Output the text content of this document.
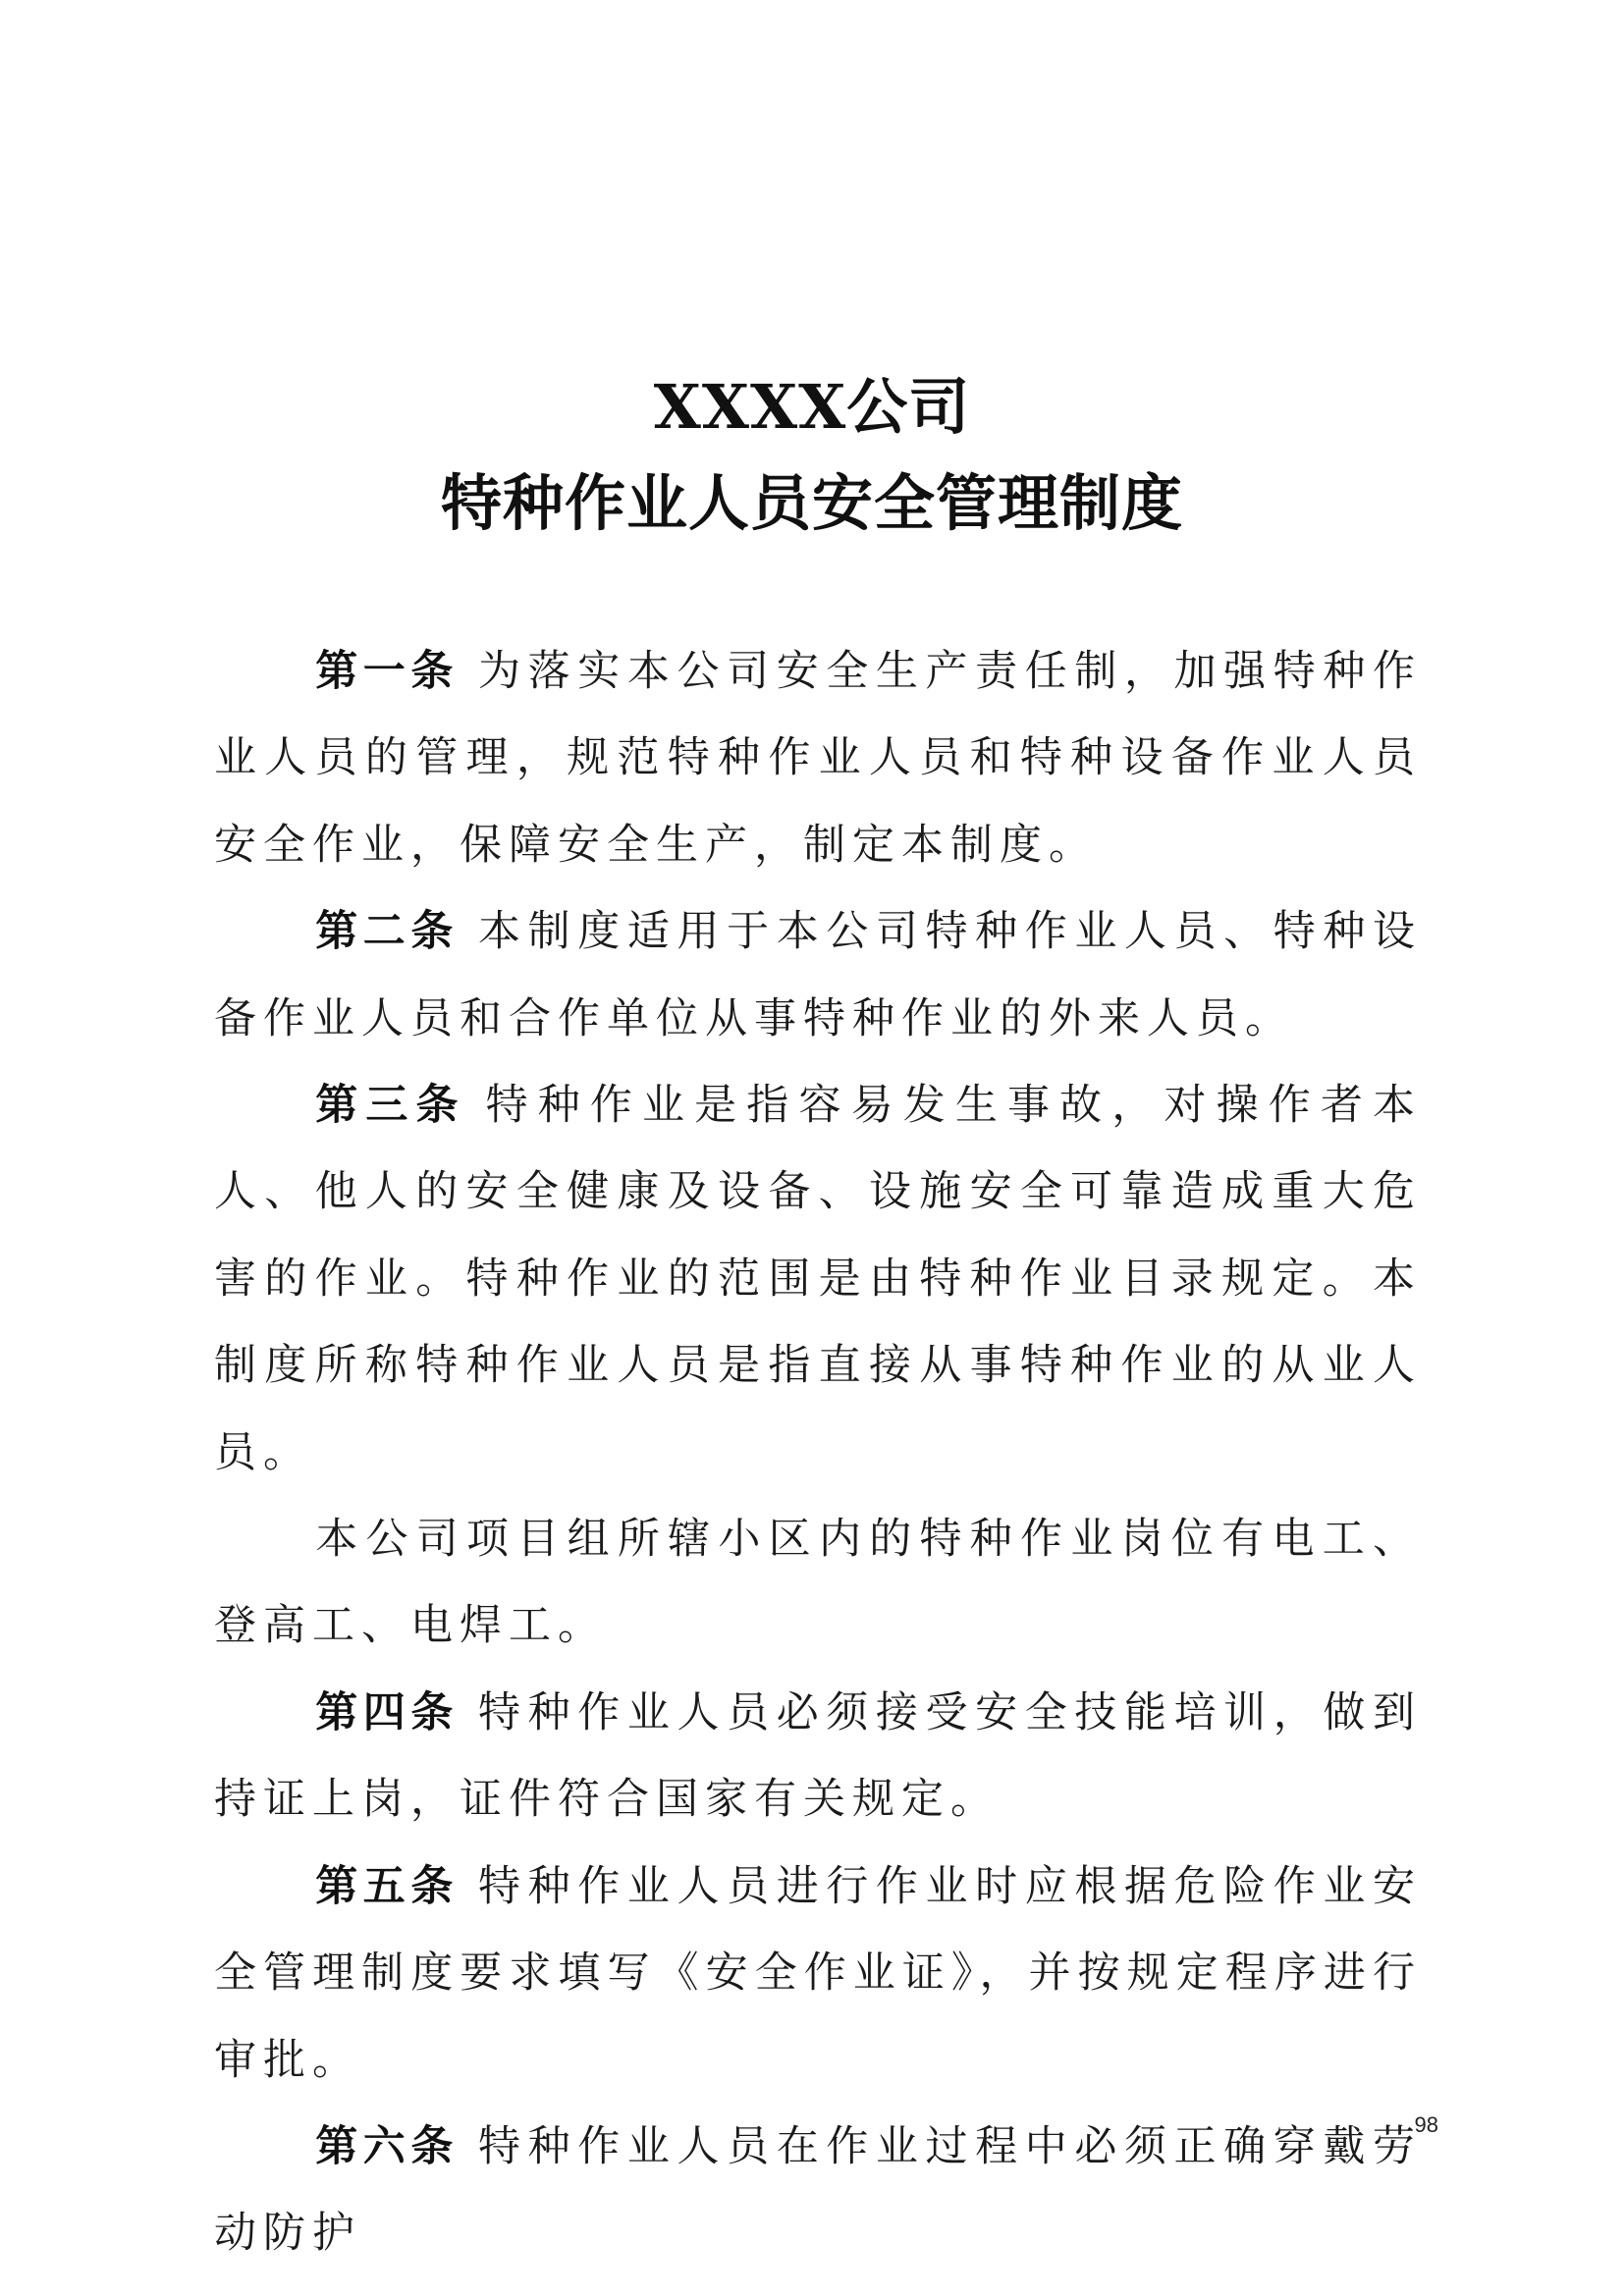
XXXX公司
特种作业人员安全管理制度

第一条 为落实本公司安全生产责任制，加强特种作业人员的管理，规范特种作业人员和特种设备作业人员安全作业，保障安全生产，制定本制度。

第二条 本制度适用于本公司特种作业人员、特种设备作业人员和合作单位从事特种作业的外来人员。

第三条 特种作业是指容易发生事故，对操作者本人、他人的安全健康及设备、设施安全可靠造成重大危害的作业。特种作业的范围是由特种作业目录规定。本制度所称特种作业人员是指直接从事特种作业的从业人员。

本公司项目组所辖小区内的特种作业岗位有电工、登高工、电焊工。

第四条 特种作业人员必须接受安全技能培训，做到持证上岗，证件符合国家有关规定。

第五条 特种作业人员进行作业时应根据危险作业安全管理制度要求填写《安全作业证》，并按规定程序进行审批。

第六条 特种作业人员在作业过程中必须正确穿戴劳动防护

98
